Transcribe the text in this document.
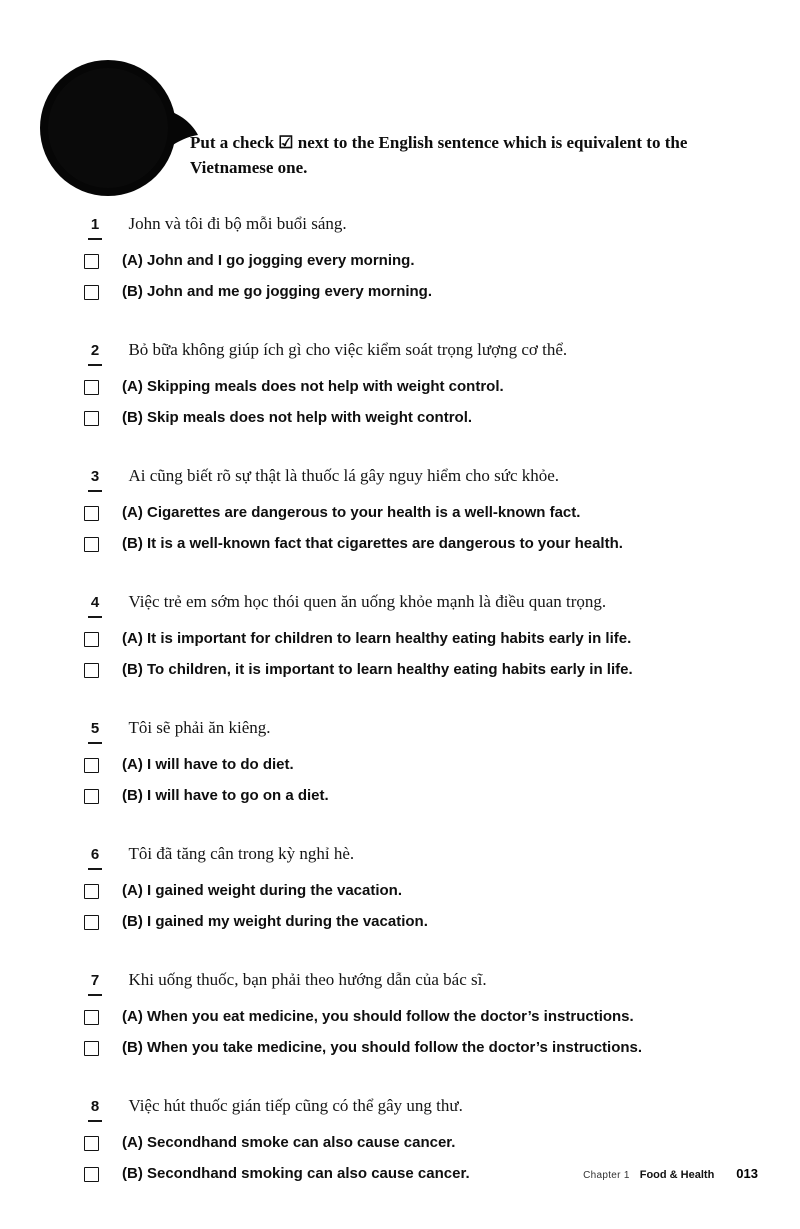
Put a check ☑ next to the English sentence which is equivalent to the Vietnamese one.
1 John và tôi đi bộ mỗi buổi sáng.
(A) John and I go jogging every morning.
(B) John and me go jogging every morning.
2 Bỏ bữa không giúp ích gì cho việc kiểm soát trọng lượng cơ thể.
(A) Skipping meals does not help with weight control.
(B) Skip meals does not help with weight control.
3 Ai cũng biết rõ sự thật là thuốc lá gây nguy hiểm cho sức khỏe.
(A) Cigarettes are dangerous to your health is a well-known fact.
(B) It is a well-known fact that cigarettes are dangerous to your health.
4 Việc trẻ em sớm học thói quen ăn uống khỏe mạnh là điều quan trọng.
(A) It is important for children to learn healthy eating habits early in life.
(B) To children, it is important to learn healthy eating habits early in life.
5 Tôi sẽ phải ăn kiêng.
(A) I will have to do diet.
(B) I will have to go on a diet.
6 Tôi đã tăng cân trong kỳ nghỉ hè.
(A) I gained weight during the vacation.
(B) I gained my weight during the vacation.
7 Khi uống thuốc, bạn phải theo hướng dẫn của bác sĩ.
(A) When you eat medicine, you should follow the doctor’s instructions.
(B) When you take medicine, you should follow the doctor’s instructions.
8 Việc hút thuốc gián tiếp cũng có thể gây ung thư.
(A) Secondhand smoke can also cause cancer.
(B) Secondhand smoking can also cause cancer.	Chapter 1 Food & Health 013
